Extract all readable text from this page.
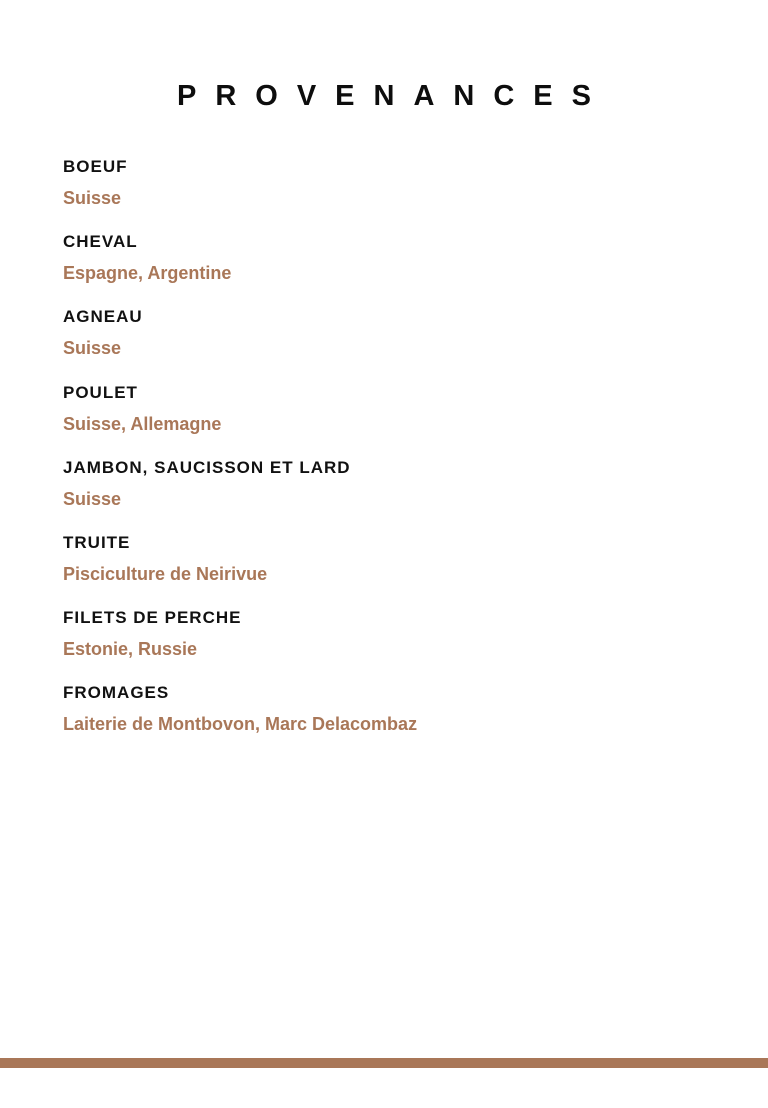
PROVENANCES
BOEUF
Suisse
CHEVAL
Espagne, Argentine
AGNEAU
Suisse
POULET
Suisse, Allemagne
JAMBON, SAUCISSON ET LARD
Suisse
TRUITE
Pisciculture de Neirivue
FILETS DE PERCHE
Estonie, Russie
FROMAGES
Laiterie de Montbovon, Marc Delacombaz
